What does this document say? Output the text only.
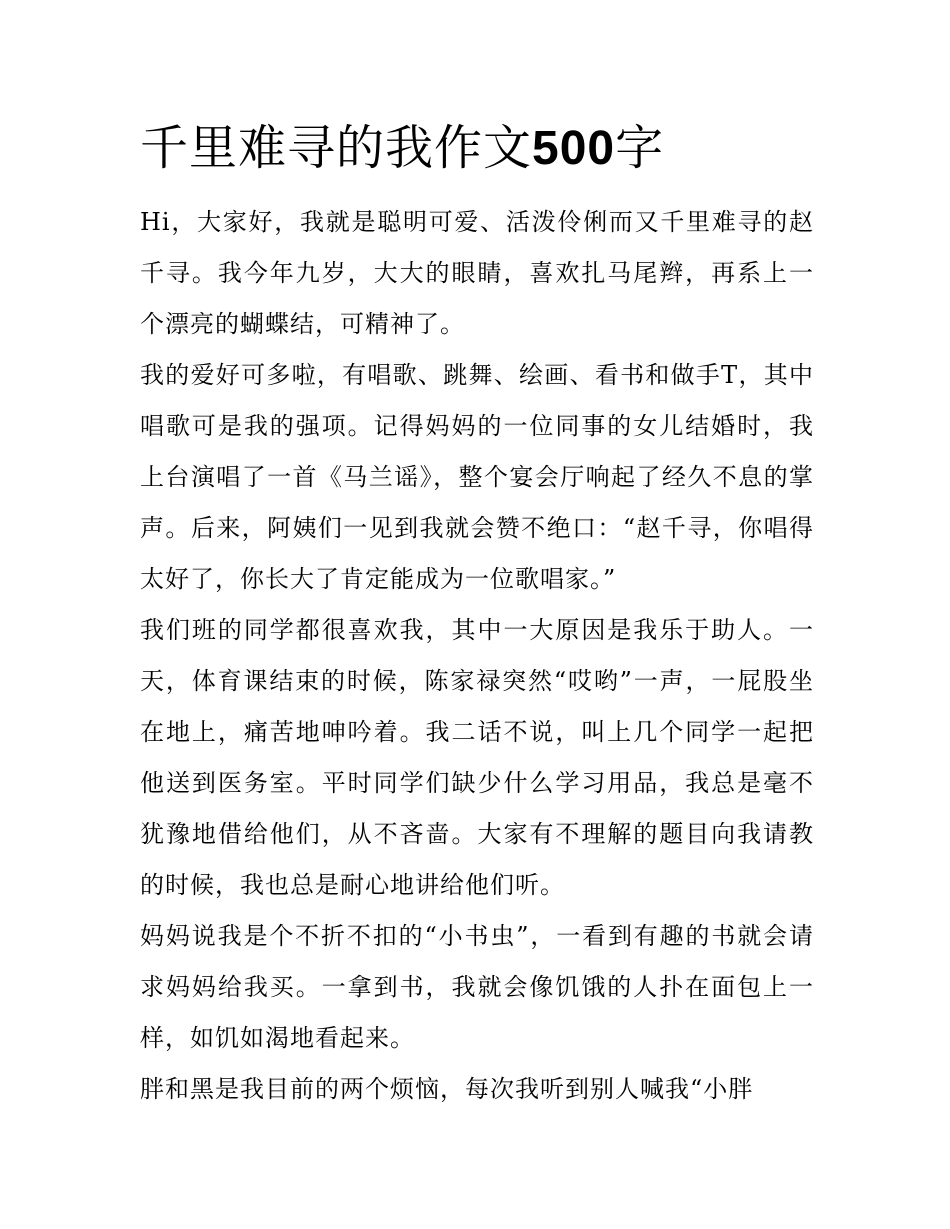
千里难寻的我作文500字

Hi，大家好，我就是聪明可爱、活泼伶俐而又千里难寻的赵千寻。我今年九岁，大大的眼睛，喜欢扎马尾辫，再系上一个漂亮的蝴蝶结，可精神了。

我的爱好可多啦，有唱歌、跳舞、绘画、看书和做手T，其中唱歌可是我的强项。记得妈妈的一位同事的女儿结婚时，我上台演唱了一首《马兰谣》，整个宴会厅响起了经久不息的掌声。后来，阿姨们一见到我就会赞不绝口：“赵千寻，你唱得太好了，你长大了肯定能成为一位歌唱家。”

我们班的同学都很喜欢我，其中一大原因是我乐于助人。一天，体育课结束的时候，陈家禄突然“哎哟”一声，一屁股坐在地上，痛苦地呻吟着。我二话不说，叫上几个同学一起把他送到医务室。平时同学们缺少什么学习用品，我总是毫不犹豫地借给他们，从不吝啬。大家有不理解的题目向我请教的时候，我也总是耐心地讲给他们听。

妈妈说我是个不折不扣的“小书虫”，一看到有趣的书就会请求妈妈给我买。一拿到书，我就会像饥饿的人扑在面包上一样，如饥如渴地看起来。

胖和黑是我目前的两个烦恼，每次我听到别人喊我“小胖
